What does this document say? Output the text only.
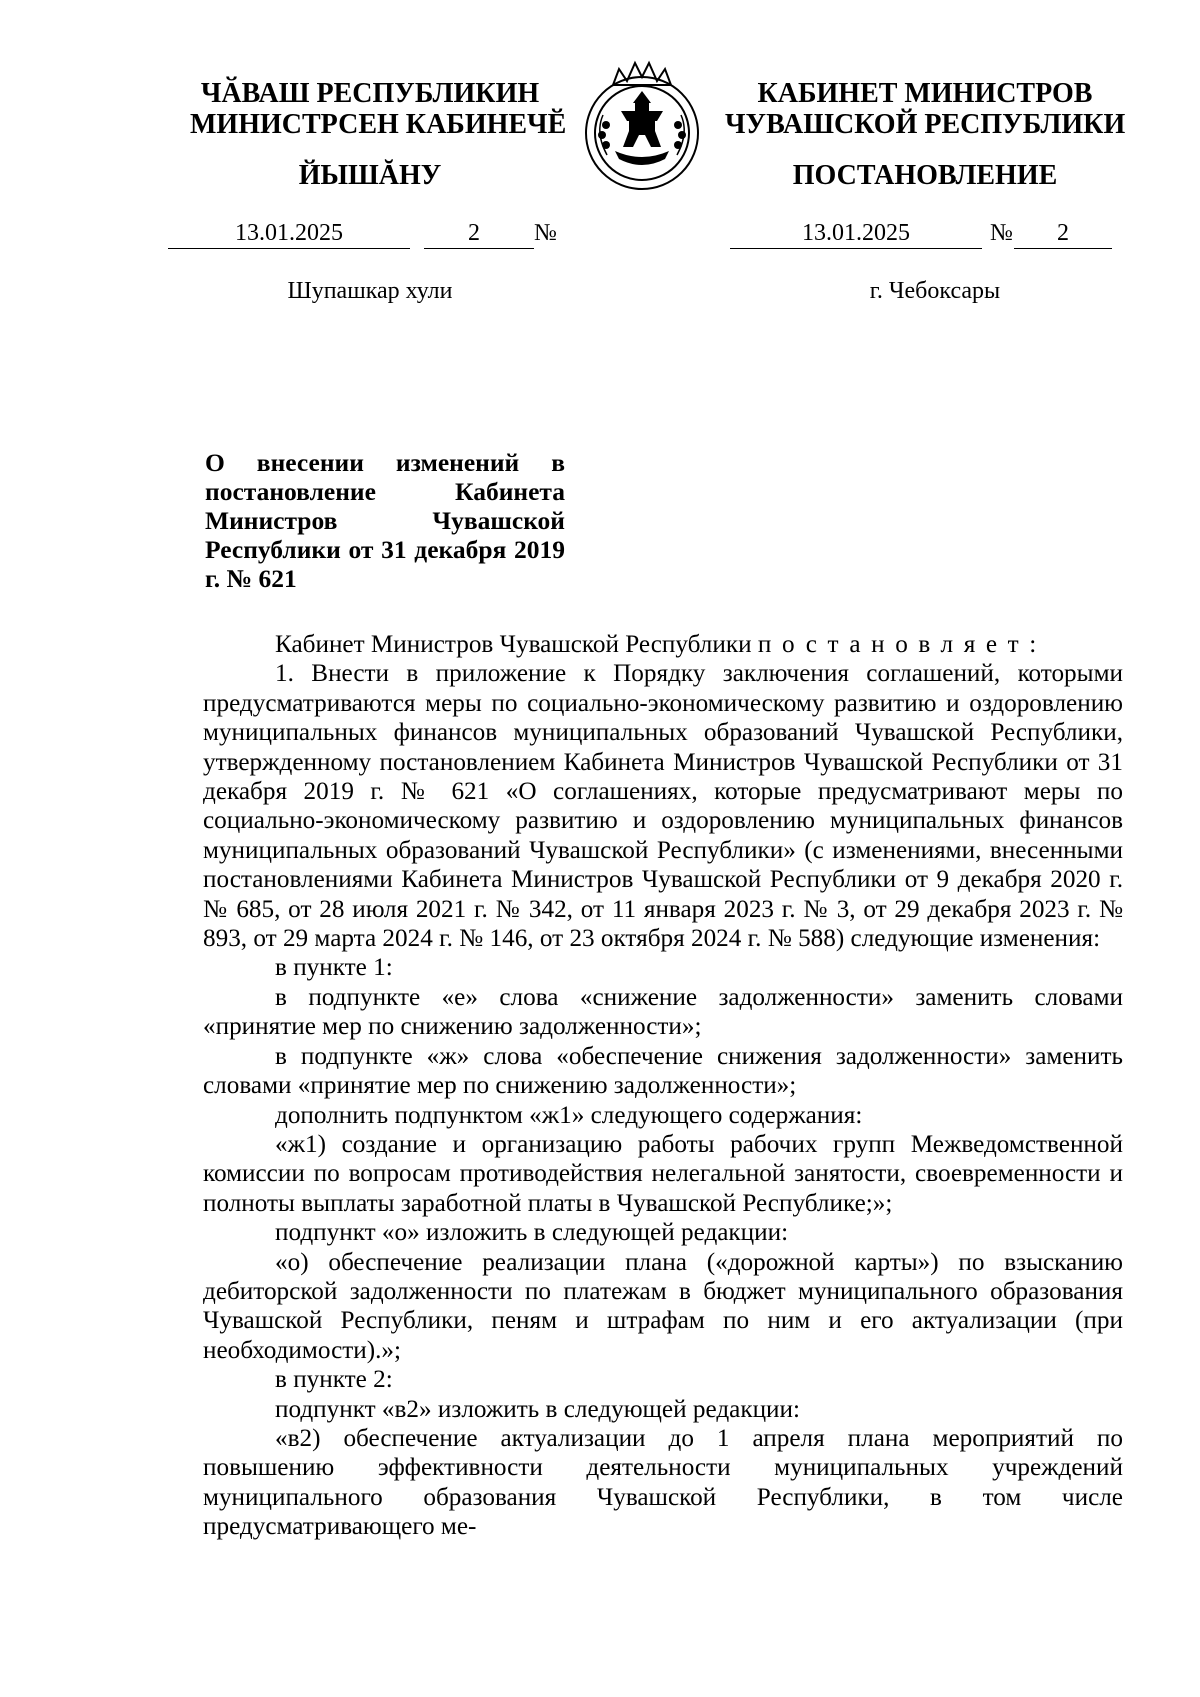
ЧӐВАШ РЕСПУБЛИКИН
МИНИСТРСЕН КАБИНЕЧӖ
ЙЫШĂНУ
КАБИНЕТ МИНИСТРОВ
ЧУВАШСКОЙ РЕСПУБЛИКИ
ПОСТАНОВЛЕНИЕ
13.01.2025	2	№	13.01.2025	№	2
Шупашкар хули	г. Чебоксары
О внесении изменений в постановление Кабинета Министров Чувашской Республики от 31 декабря 2019 г. № 621

Кабинет Министров Чувашской Республики постановляет:

1. Внести в приложение к Порядку заключения соглашений, которыми предусматриваются меры по социально-экономическому развитию и оздоровлению муниципальных финансов муниципальных образований Чувашской Республики, утвержденному постановлением Кабинета Министров Чувашской Республики от 31 декабря 2019 г. № 621 «О соглашениях, которые предусматривают меры по социально-экономическому развитию и оздоровлению муниципальных финансов муниципальных образований Чувашской Республики» (с изменениями, внесенными постановлениями Кабинета Министров Чувашской Республики от 9 декабря 2020 г. № 685, от 28 июля 2021 г. № 342, от 11 января 2023 г. № 3, от 29 декабря 2023 г. № 893, от 29 марта 2024 г. № 146, от 23 октября 2024 г. № 588) следующие изменения:

в пункте 1:

в подпункте «е» слова «снижение задолженности» заменить словами «принятие мер по снижению задолженности»;

в подпункте «ж» слова «обеспечение снижения задолженности» заменить словами «принятие мер по снижению задолженности»;

дополнить подпунктом «ж1» следующего содержания:

«ж1) создание и организацию работы рабочих групп Межведомственной комиссии по вопросам противодействия нелегальной занятости, своевременности и полноты выплаты заработной платы в Чувашской Республике;»;

подпункт «о» изложить в следующей редакции:

«о) обеспечение реализации плана («дорожной карты») по взысканию дебиторской задолженности по платежам в бюджет муниципального образования Чувашской Республики, пеням и штрафам по ним и его актуализации (при необходимости).»;

в пункте 2:

подпункт «в2» изложить в следующей редакции:

«в2) обеспечение актуализации до 1 апреля плана мероприятий по повышению эффективности деятельности муниципальных учреждений муниципального образования Чувашской Республики, в том числе предусматривающего ме-
